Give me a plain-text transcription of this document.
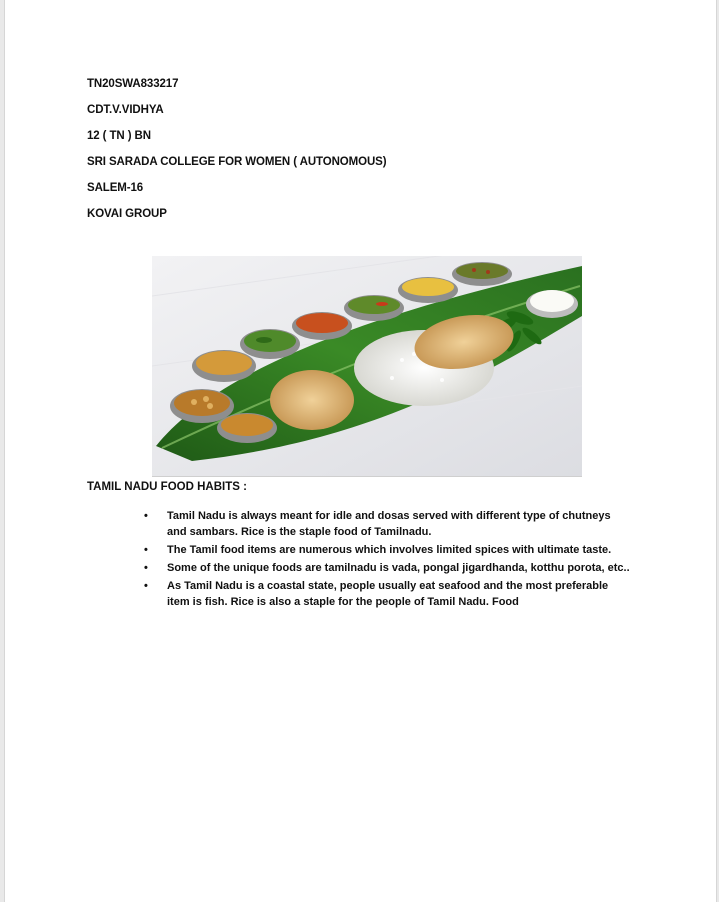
TN20SWA833217
CDT.V.VIDHYA
12 ( TN ) BN
SRI SARADA COLLEGE FOR WOMEN ( AUTONOMOUS)
SALEM-16
KOVAI GROUP
TAMIL NADU FOOD HABITS :
• Tamil Nadu is always meant for idle and dosas served with different type of chutneys and sambars. Rice is the staple food of Tamilnadu.
• The Tamil food items are numerous which involves limited spices with ultimate taste.
• Some of the unique foods are tamilnadu is vada, pongal jigardhanda, kotthu porota, etc..
• As Tamil Nadu is a coastal state, people usually eat seafood and the most preferable item is fish. Rice is also a staple for the people of Tamil Nadu. Food
